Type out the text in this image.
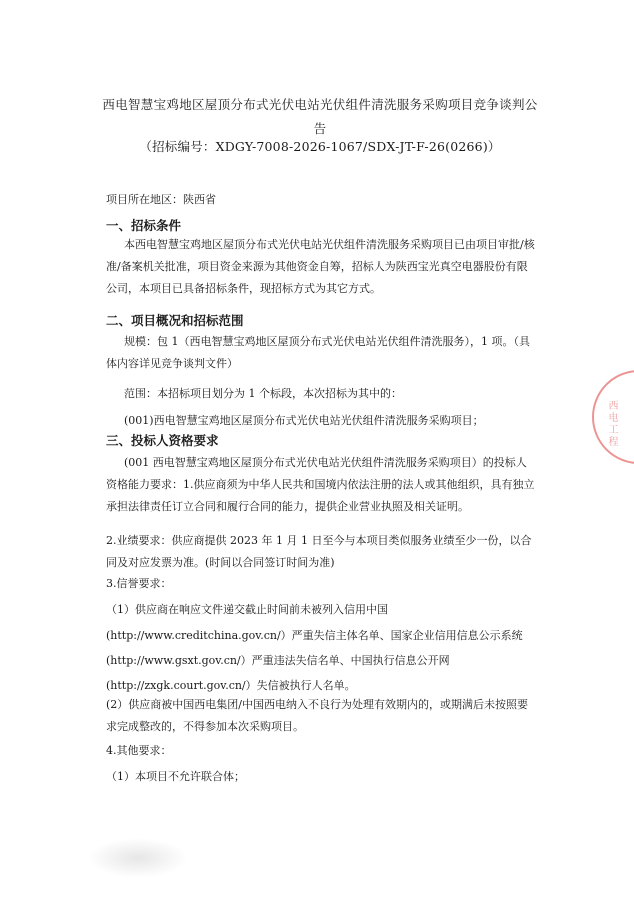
西电智慧宝鸡地区屋顶分布式光伏电站光伏组件清洗服务采购项目竞争谈判公告
（招标编号：XDGY-7008-2026-1067/SDX-JT-F-26(0266)）
项目所在地区：陕西省
一、招标条件
本西电智慧宝鸡地区屋顶分布式光伏电站光伏组件清洗服务采购项目已由项目审批/核准/备案机关批准，项目资金来源为其他资金自筹，招标人为陕西宝光真空电器股份有限公司，本项目已具备招标条件，现招标方式为其它方式。
二、项目概况和招标范围
规模：包 1（西电智慧宝鸡地区屋顶分布式光伏电站光伏组件清洗服务），1 项。（具体内容详见竞争谈判文件）
范围：本招标项目划分为 1 个标段，本次招标为其中的：
(001)西电智慧宝鸡地区屋顶分布式光伏电站光伏组件清洗服务采购项目；
三、投标人资格要求
(001 西电智慧宝鸡地区屋顶分布式光伏电站光伏组件清洗服务采购项目）的投标人资格能力要求：1.供应商须为中华人民共和国境内依法注册的法人或其他组织，具有独立承担法律责任订立合同和履行合同的能力，提供企业营业执照及相关证明。
2.业绩要求：供应商提供 2023 年 1 月 1 日至今与本项目类似服务业绩至少一份，以合同及对应发票为准。(时间以合同签订时间为准)
3.信誉要求：
（1）供应商在响应文件递交截止时间前未被列入信用中国
(http://www.creditchina.gov.cn/）严重失信主体名单、国家企业信用信息公示系统
(http://www.gsxt.gov.cn/）严重违法失信名单、中国执行信息公开网
(http://zxgk.court.gov.cn/）失信被执行人名单。
(2）供应商被中国西电集团/中国西电纳入不良行为处理有效期内的，或期满后未按照要求完成整改的，不得参加本次采购项目。
4.其他要求：
（1）本项目不允许联合体；
西电工程
